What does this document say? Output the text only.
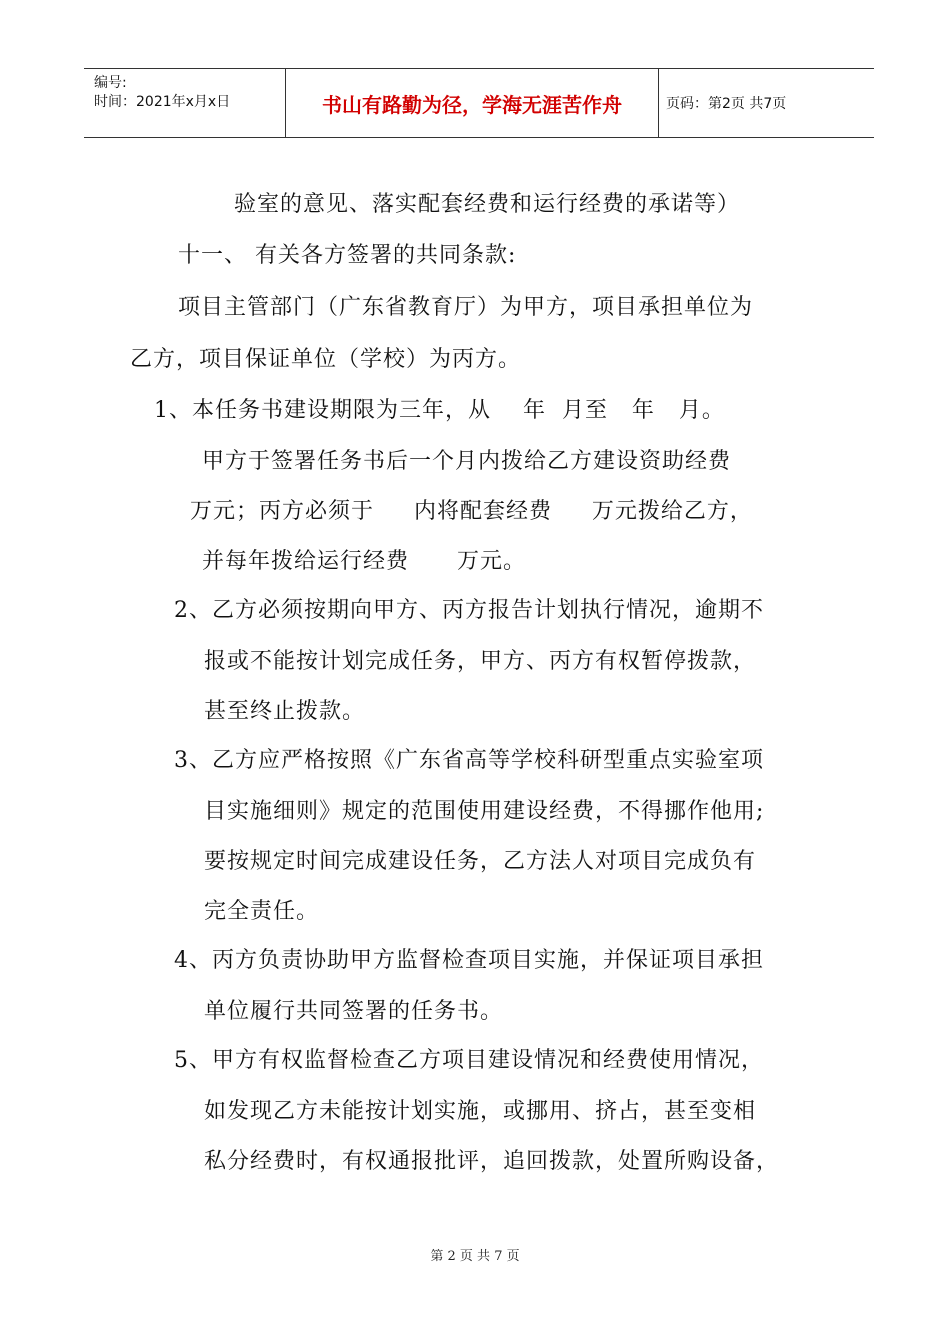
编号:
时间：2021年x月x日	书山有路勤为径，学海无涯苦作舟	页码：第2页 共7页
验室的意见、落实配套经费和运行经费的承诺等）
十一、 有关各方签署的共同条款:
项目主管部门（广东省教育厅）为甲方，项目承担单位为
乙方，项目保证单位（学校）为丙方。
1、本任务书建设期限为三年，从    年  月至   年   月。
甲方于签署任务书后一个月内拨给乙方建设资助经费
万元；丙方必须于     内将配套经费     万元拨给乙方，
并每年拨给运行经费      万元。
2、乙方必须按期向甲方、丙方报告计划执行情况，逾期不
报或不能按计划完成任务，甲方、丙方有权暂停拨款，
甚至终止拨款。
3、乙方应严格按照《广东省高等学校科研型重点实验室项
目实施细则》规定的范围使用建设经费，不得挪作他用;
要按规定时间完成建设任务，乙方法人对项目完成负有
完全责任。
4、丙方负责协助甲方监督检查项目实施，并保证项目承担
单位履行共同签署的任务书。
5、甲方有权监督检查乙方项目建设情况和经费使用情况，
如发现乙方未能按计划实施，或挪用、挤占，甚至变相
私分经费时，有权通报批评，追回拨款，处置所购设备，
第 2 页 共 7 页
